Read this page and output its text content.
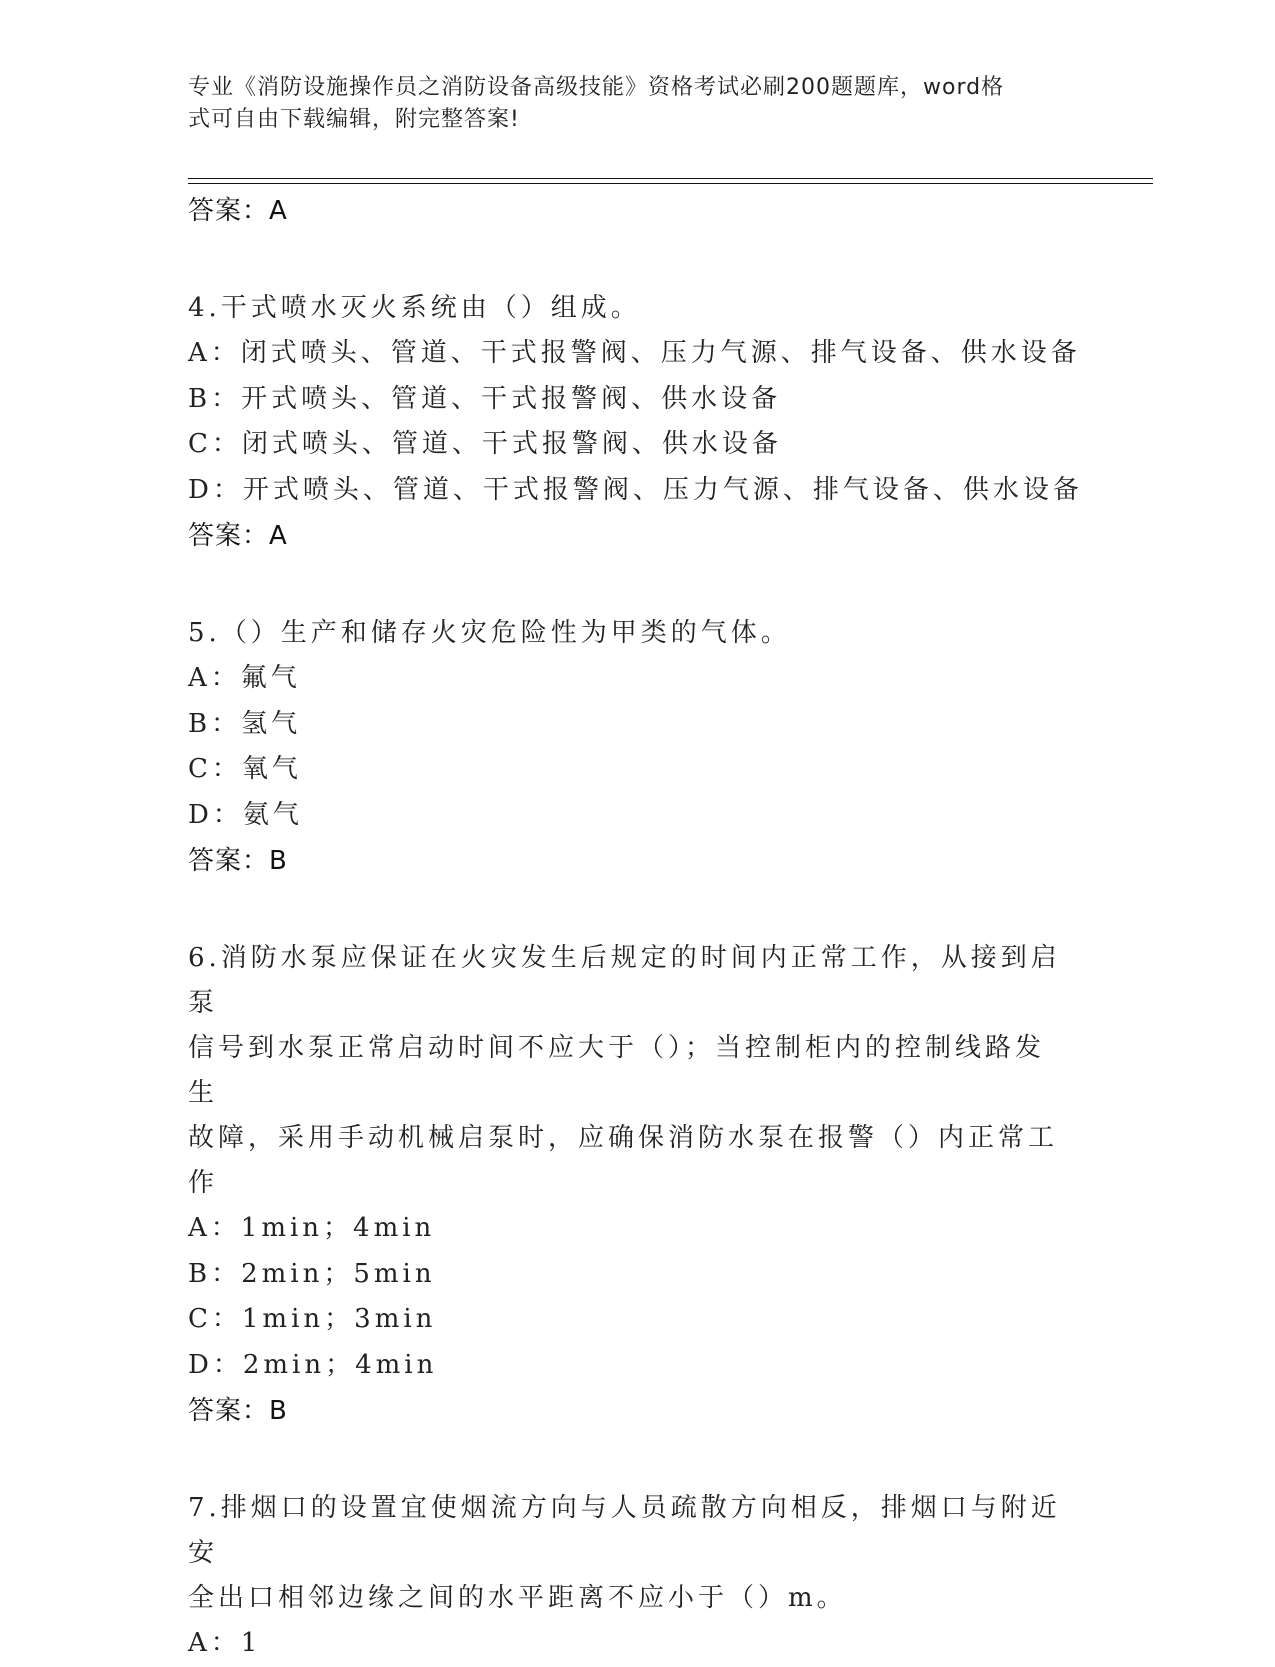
专业《消防设施操作员之消防设备高级技能》资格考试必刷200题题库，word格
式可自由下载编辑，附完整答案!
答案：A
4.干式喷水灭火系统由（）组成。
A：闭式喷头、管道、干式报警阀、压力气源、排气设备、供水设备
B：开式喷头、管道、干式报警阀、供水设备
C：闭式喷头、管道、干式报警阀、供水设备
D：开式喷头、管道、干式报警阀、压力气源、排气设备、供水设备
答案：A
5.（）生产和储存火灾危险性为甲类的气体。
A：氟气
B：氢气
C：氧气
D：氨气
答案：B
6.消防水泵应保证在火灾发生后规定的时间内正常工作，从接到启泵
信号到水泵正常启动时间不应大于（）；当控制柜内的控制线路发生
故障，采用手动机械启泵时，应确保消防水泵在报警（）内正常工作
A：1min；4min
B：2min；5min
C：1min；3min
D：2min；4min
答案：B
7.排烟口的设置宜使烟流方向与人员疏散方向相反，排烟口与附近安
全出口相邻边缘之间的水平距离不应小于（）m。
A：1
